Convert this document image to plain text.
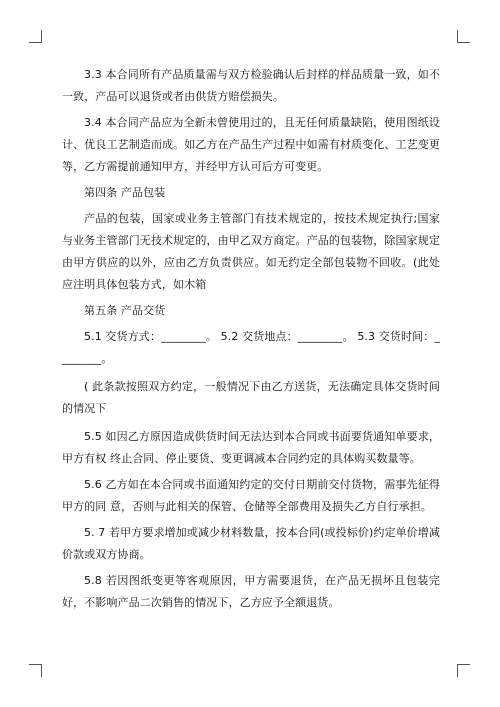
3.3 本合同所有产品质量需与双方检验确认后封样的样品质量一致，如不一致，产品可以退货或者由供货方赔偿损失。

3.4 本合同产品应为全新未曾使用过的，且无任何质量缺陷，使用图纸设计、优良工艺制造而成。如乙方在产品生产过程中如需有材质变化、工艺变更等，乙方需提前通知甲方，并经甲方认可后方可变更。

第四条 产品包装

产品的包装，国家或业务主管部门有技术规定的，按技术规定执行;国家与业务主管部门无技术规定的，由甲乙双方商定。产品的包装物，除国家规定由甲方供应的以外，应由乙方负责供应。如无约定全部包装物不回收。(此处应注明具体包装方式，如木箱

第五条 产品交货

5.1 交货方式：________。 5.2 交货地点：________。 5.3 交货时间：________。

( 此条款按照双方约定，一般情况下由乙方送货，无法确定具体交货时间的情况下

5.5 如因乙方原因造成供货时间无法达到本合同或书面要货通知单要求，甲方有权 终止合同、停止要货、变更调减本合同约定的具体购买数量等。

5.6 乙方如在本合同或书面通知约定的交付日期前交付货物，需事先征得甲方的同 意，否则与此相关的保管、仓储等全部费用及损失乙方自行承担。

5. 7 若甲方要求增加或减少材料数量，按本合同(或投标价)约定单价增减价款或双方协商。

5.8 若因图纸变更等客观原因，甲方需要退货，在产品无损坏且包装完好，不影响产品二次销售的情况下，乙方应予全额退货。
